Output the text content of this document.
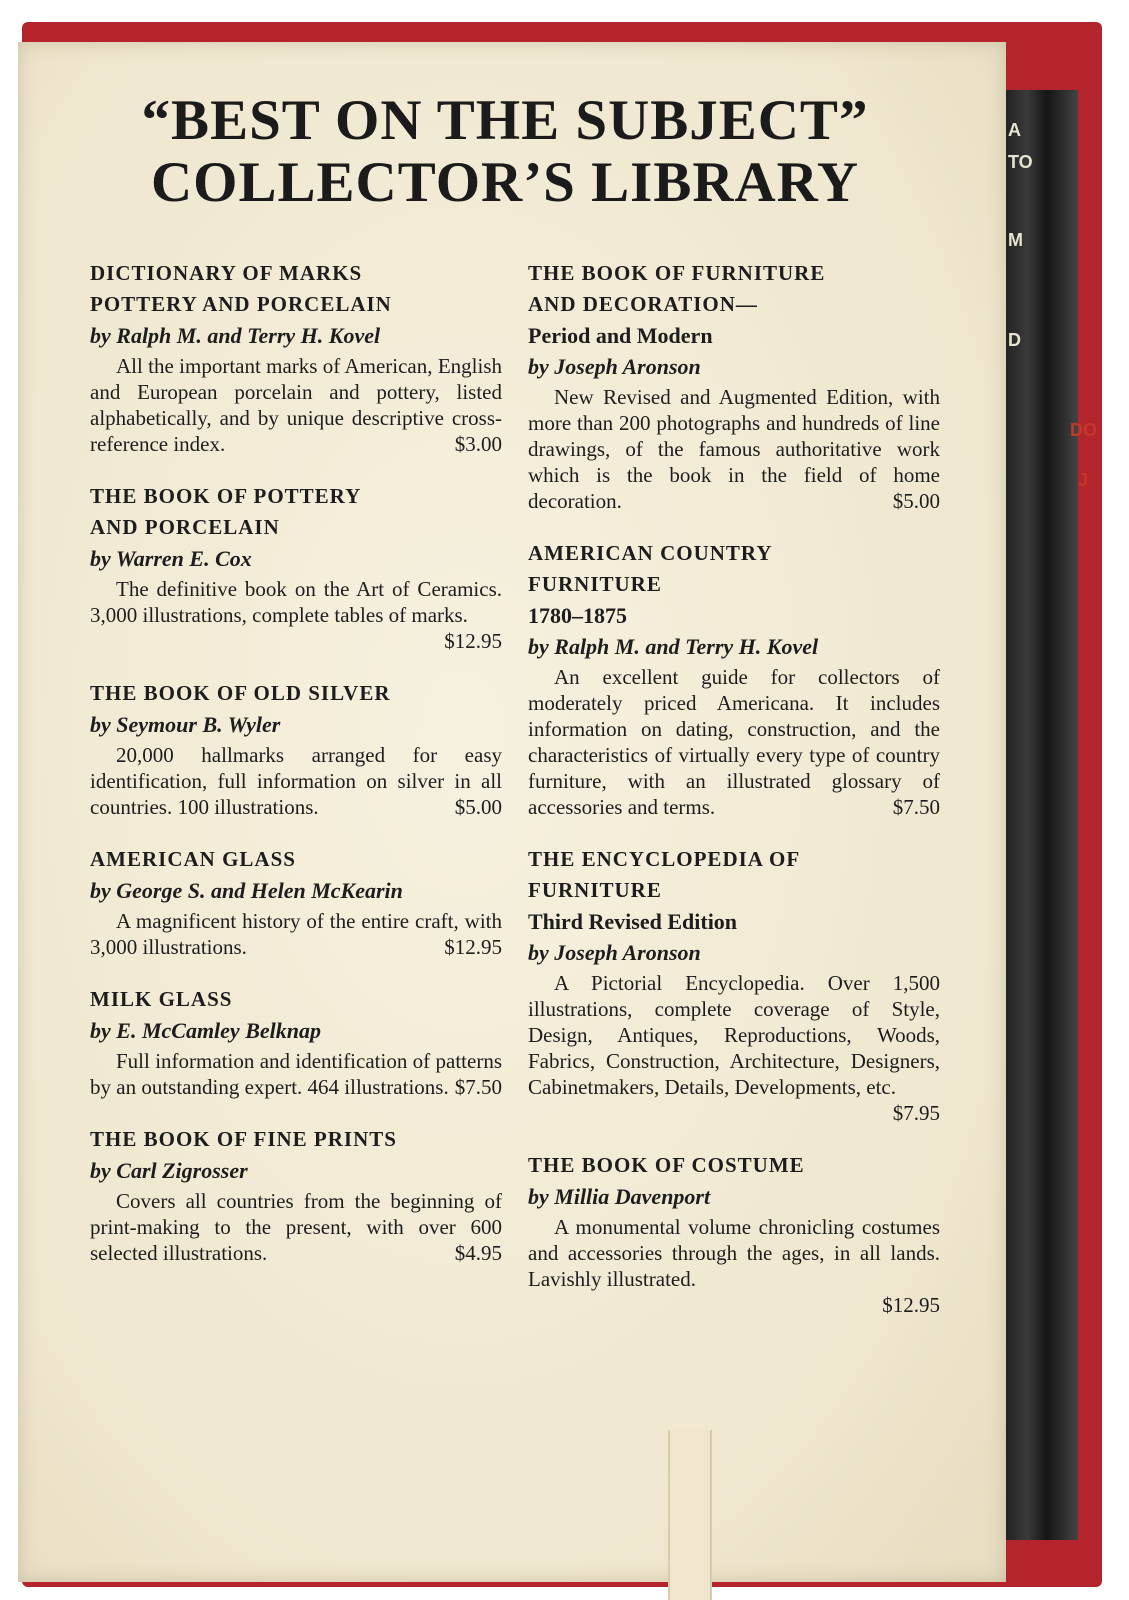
A
TO
M
D
DO
J
“BEST ON THE SUBJECT”
COLLECTOR’S LIBRARY
DICTIONARY OF MARKS
POTTERY AND PORCELAIN
by Ralph M. and Terry H. Kovel
All the important marks of American, English and European porcelain and pottery, listed alphabetically, and by unique descriptive cross-reference index.	$3.00
THE BOOK OF POTTERY
AND PORCELAIN
by Warren E. Cox
The definitive book on the Art of Ceramics. 3,000 illustrations, complete tables of marks.
$12.95
THE BOOK OF OLD SILVER
by Seymour B. Wyler
20,000 hallmarks arranged for easy identification, full information on silver in all countries. 100 illustrations.	$5.00
AMERICAN GLASS
by George S. and Helen McKearin
A magnificent history of the entire craft, with 3,000 illustrations.	$12.95
MILK GLASS
by E. McCamley Belknap
Full information and identification of patterns by an outstanding expert. 464 illustrations. $7.50
THE BOOK OF FINE PRINTS
by Carl Zigrosser
Covers all countries from the beginning of print-making to the present, with over 600 selected illustrations.	$4.95
THE BOOK OF FURNITURE
AND DECORATION—
Period and Modern
by Joseph Aronson
New Revised and Augmented Edition, with more than 200 photographs and hundreds of line drawings, of the famous authoritative work which is the book in the field of home decoration.	$5.00
AMERICAN COUNTRY
FURNITURE
1780–1875
by Ralph M. and Terry H. Kovel
An excellent guide for collectors of moderately priced Americana. It includes information on dating, construction, and the characteristics of virtually every type of country furniture, with an illustrated glossary of accessories and terms.	$7.50
THE ENCYCLOPEDIA OF
FURNITURE
Third Revised Edition
by Joseph Aronson
A Pictorial Encyclopedia. Over 1,500 illustrations, complete coverage of Style, Design, Antiques, Reproductions, Woods, Fabrics, Construction, Architecture, Designers, Cabinetmakers, Details, Developments, etc.
$7.95
THE BOOK OF COSTUME
by Millia Davenport
A monumental volume chronicling costumes and accessories through the ages, in all lands. Lavishly illustrated.
$12.95
